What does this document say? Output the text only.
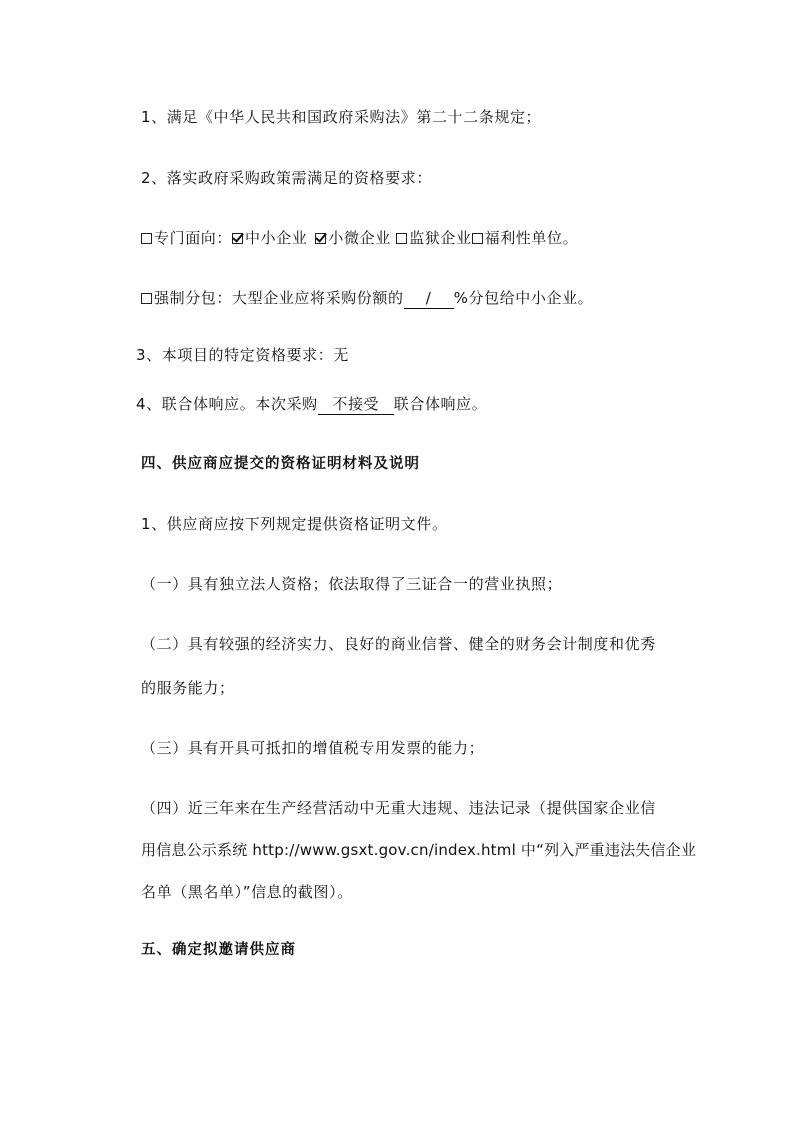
1、满足《中华人民共和国政府采购法》第二十二条规定；
2、落实政府采购政策需满足的资格要求：
专门面向： 中小企业 小微企业 监狱企业 福利性单位。
强制分包：大型企业应将采购份额的 / %分包给中小企业。
3、本项目的特定资格要求：无
4、联合体响应。本次采购 不接受 联合体响应。
四、供应商应提交的资格证明材料及说明
1、供应商应按下列规定提供资格证明文件。
（一）具有独立法人资格；依法取得了三证合一的营业执照；
（二）具有较强的经济实力、良好的商业信誉、健全的财务会计制度和优秀
的服务能力；
（三）具有开具可抵扣的增值税专用发票的能力；
（四）近三年来在生产经营活动中无重大违规、违法记录（提供国家企业信
用信息公示系统 http://www.gsxt.gov.cn/index.html 中“列入严重违法失信企业
名单（黑名单）”信息的截图）。
五、确定拟邀请供应商
